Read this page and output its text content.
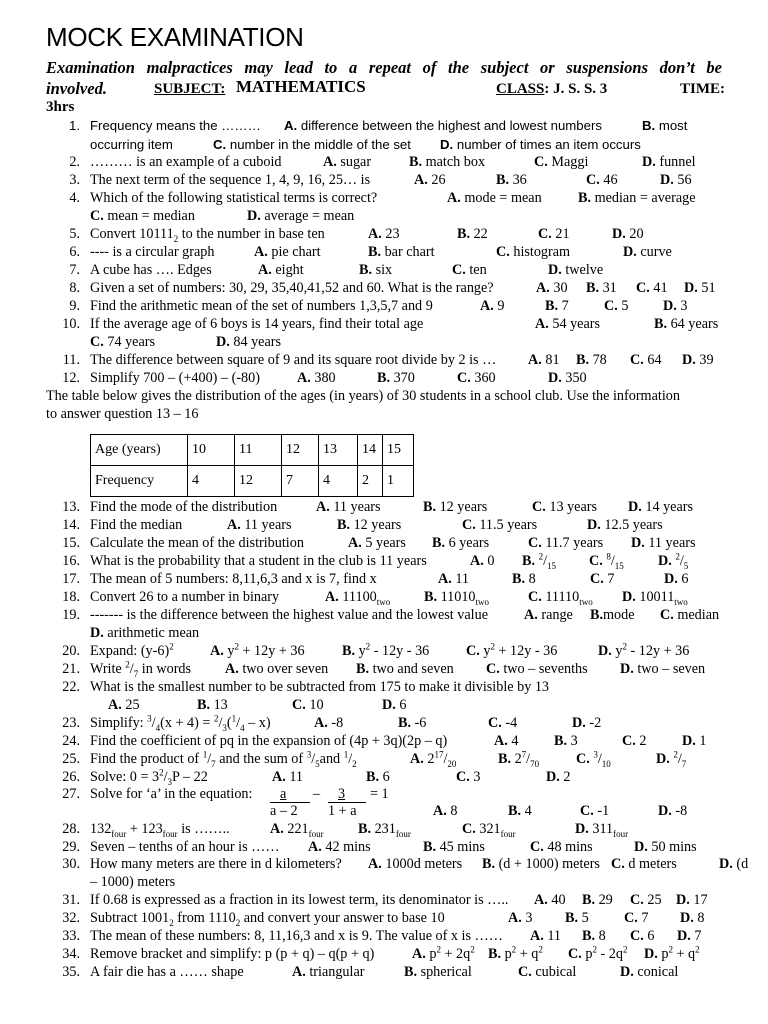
MOCK EXAMINATION

Examination malpractices may lead to a repeat of the subject or suspensions don’t be

involved.	SUBJECT: MATHEMATICS	CLASS: J. S. S. 3	TIME:
3hrs
1. Frequency means the ……… A. difference between the highest and lowest numbers	B. most
occurring item	C. number in the middle of the set D. number of times an item occurs
2. ……… is an example of a cuboid	A. sugar	B. match box	C. Maggi	D. funnel
3. The next term of the sequence 1, 4, 9, 16, 25… is	A. 26	B. 36	C. 46	D. 56
4. Which of the following statistical terms is correct?	A. mode = mean	B. median = average
C. mean = median	D. average = mean
5. Convert $10111_2$ to the number in base ten	A. 23	B. 22	C. 21	D. 20
6. ---- is a circular graph	A. pie chart	B. bar chart	C. histogram	D. curve
7. A cube has …. Edges	A. eight	B. six	C. ten	D. twelve
8. Given a set of numbers: 30, 29, 35,40,41,52 and 60. What is the range?	A. 30 B. 31 C. 41 D. 51
9. Find the arithmetic mean of the set of numbers 1,3,5,7 and 9	A. 9	B. 7 C. 5 D. 3
10. If the average age of 6 boys is 14 years, find their total age	A. 54 years	B. 64 years
C. 74 years	D. 84 years
11. The difference between square of 9 and its square root divide by 2 is … A. 81 B. 78 C. 64 D. 39
12. Simplify 700 – (+400) – (-80)	A. 380	B. 370	C. 360	D. 350
The table below gives the distribution of the ages (in years) of 30 students in a school club. Use the information
to answer question 13 – 16
Age (years)	10	11	12	13	14	15
Frequency	4	12	7	4	2	1
13. Find the mode of the distribution	A. 11 years	B. 12 years	C. 13 years D. 14 years
14. Find the median	A. 11 years	B. 12 years	C. 11.5 years	D. 12.5 years
15. Calculate the mean of the distribution	A. 5 years B. 6 years	C. 11.7 years D. 11 years
16. What is the probability that a student in the club is 11 years	A. 0 B. $^2/_{15}$ C. $^8/_{15}$ D. $^2/_5$
17. The mean of 5 numbers: 8,11,6,3 and x is 7, find x	A. 11	B. 8	C. 7	D. 6
18. Convert 26 to a number in binary	A. $11100_{two}$ B. $11010_{two}$	C. $11110_{two}$ D. $10011_{two}$
19. ------- is the difference between the highest value and the lowest value	A. range B.mode C. median
D. arithmetic mean
20. Expand: $(y-6)^2$	A. $y^2 + 12y + 36$	B. $y^2 - 12y - 36$	C. $y^2 + 12y - 36$	D. $y^2 - 12y + 36$
21. Write $^2/_7$ in words A. two over seven B. two and seven C. two – sevenths D. two – seven
22. What is the smallest number to be subtracted from 175 to make it divisible by 13
A. 25	B. 13	C. 10	D. 6
23. Simplify: $^3/_4(x + 4) = ^2/_3(^1/_4 - x)$	A. -8	B. -6	C. -4	D. -2
24. Find the coefficient of pq in the expansion of (4p + 3q)(2p – q)	A. 4	B. 3	C. 2	D. 1
25. Find the product of $^1/_7$ and the sum of $^3/_5and$ $^1/_2$	A. $2^{17}/_{20}$	B. $2^7/_{70}$	C. $^3/_{10}$	D. $^2/_7$
26. Solve: $0 = 3^2/_3P - 22$	A. 11	B. 6	C. 3	D. 2
27. Solve for ‘a’ in the equation: a – 3 = 1
a – 2 1 + a	A. 8	B. 4	C. -1	D. -8
28. $132_{four} + 123_{four}$ is ……..	A. $221_{four}$ B. $231_{four}$	C. $321_{four}$	D. $311_{four}$
29. Seven – tenths of an hour is …… A. 42 mins	B. 45 mins	C. 48 mins	D. 50 mins
30. How many meters are there in d kilometers? A. 1000d meters B. (d + 1000) meters C. d meters	D. (d
– 1000) meters
31. If 0.68 is expressed as a fraction in its lowest term, its denominator is ….. A. 40 B. 29 C. 25 D. 17
32. Subtract $1001_2$ from $1110_2$ and convert your answer to base 10	A. 3 B. 5 C. 7 D. 8
33. The mean of these numbers: 8, 11,16,3 and x is 9. The value of x is …… A. 11 B. 8 C. 6 D. 7
34. Remove bracket and simplify: p (p + q) – q(p + q)	A. $p^2 + 2q^2$ B. $p^2 + q^2$ C. $p^2 - 2q^2$ D. $p^2 + q^2$
35. A fair die has a …… shape	A. triangular	B. spherical	C. cubical	D. conical
